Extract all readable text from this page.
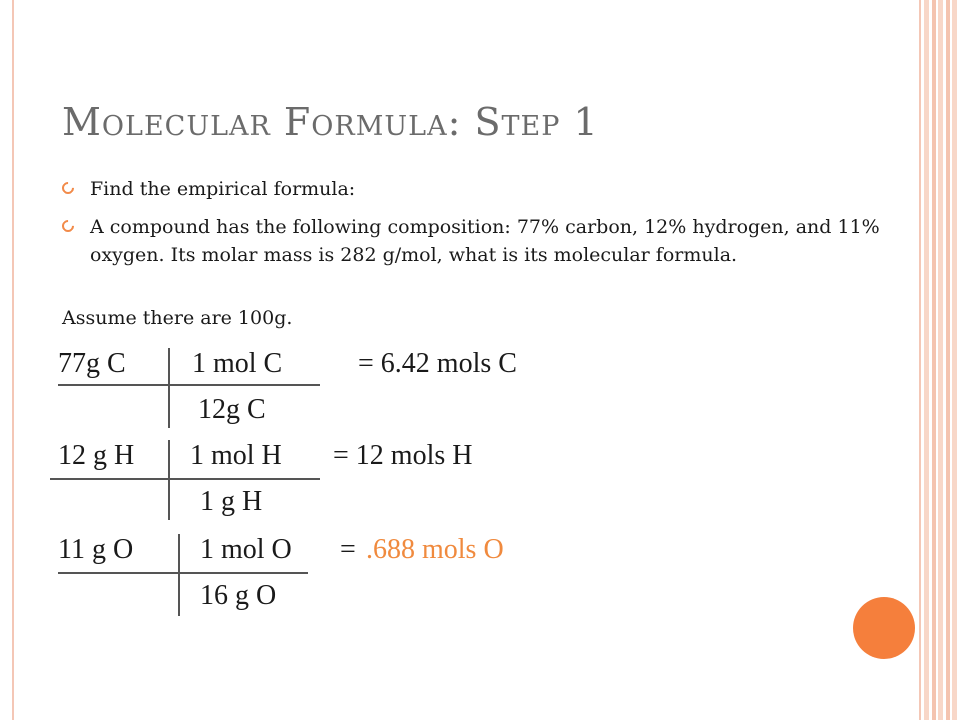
Molecular Formula: Step 1
Find the empirical formula:
A compound has the following composition: 77% carbon, 12% hydrogen, and 11% oxygen. Its molar mass is 282 g/mol, what is its molecular formula.
Assume there are 100g.
77g C 1 mol C	= 6.42 mols C
12g C
12 g H 1 mol H = 12 mols H
1 g H
11 g O 1 mol O = .688 mols O
16 g O
